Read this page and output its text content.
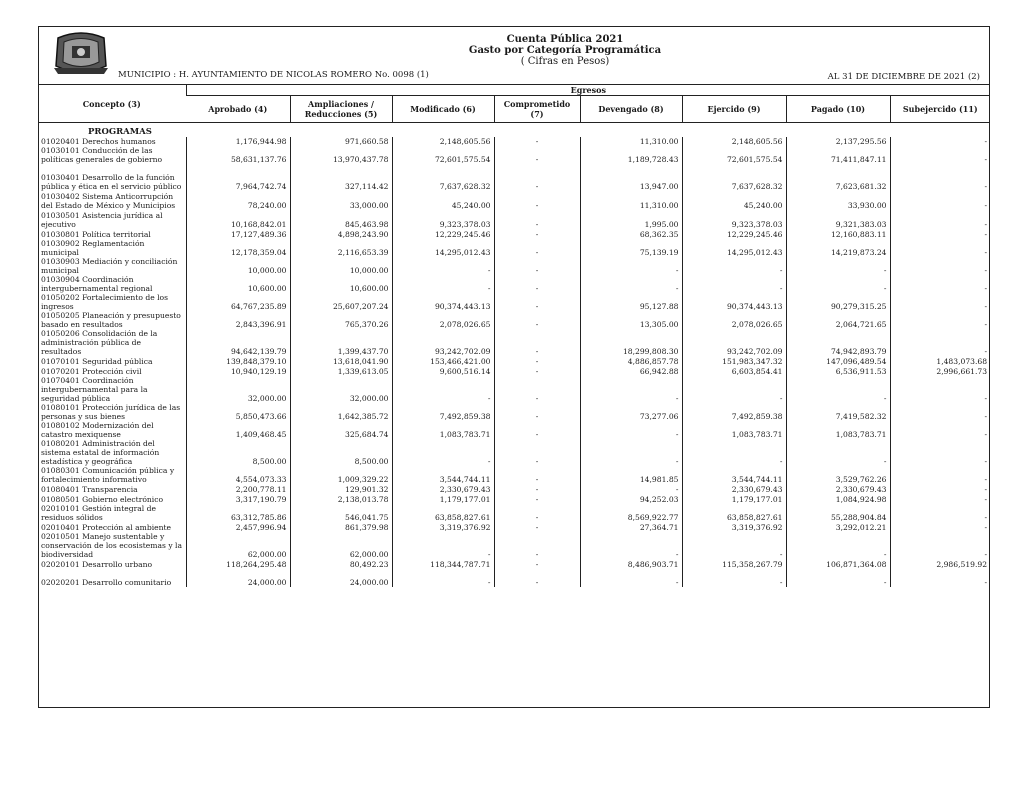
Cuenta Pública 2021
Gasto por Categoría Programática
( Cifras en Pesos)
MUNICIPIO : H. AYUNTAMIENTO DE NICOLAS ROMERO No. 0098 (1)	AL 31 DE DICIEMBRE DE 2021 (2)
Concepto (3)	Egresos							
	Aprobado (4)	Ampliaciones / Reducciones (5)	Modificado (6)	Comprometido (7)	Devengado (8)	Ejercido (9)	Pagado (10)	Subejercido (11)
PROGRAMAS								
01020401 Derechos humanos	1,176,944.98	971,660.58	2,148,605.56	-	11,310.00	2,148,605.56	2,137,295.56	-
01030101 Conducción de las políticas generales de gobierno	58,631,137.76	13,970,437.78	72,601,575.54	-	1,189,728.43	72,601,575.54	71,411,847.11	-
01030401 Desarrollo de la función pública y ética en el servicio público	7,964,742.74	327,114.42	7,637,628.32	-	13,947.00	7,637,628.32	7,623,681.32	-
01030402 Sistema Anticorrupción del Estado de México y Municipios	78,240.00	33,000.00	45,240.00	-	11,310.00	45,240.00	33,930.00	-
01030501 Asistencia jurídica al ejecutivo	10,168,842.01	845,463.98	9,323,378.03	-	1,995.00	9,323,378.03	9,321,383.03	-
01030801 Política territorial	17,127,489.36	4,898,243.90	12,229,245.46	-	68,362.35	12,229,245.46	12,160,883.11	-
01030902 Reglamentación municipal	12,178,359.04	2,116,653.39	14,295,012.43	-	75,139.19	14,295,012.43	14,219,873.24	-
01030903 Mediación y conciliación municipal	10,000.00	10,000.00	-	-	-	-	-	-
01030904 Coordinación intergubernamental regional	10,600.00	10,600.00	-	-	-	-	-	-
01050202 Fortalecimiento de los ingresos	64,767,235.89	25,607,207.24	90,374,443.13	-	95,127.88	90,374,443.13	90,279,315.25	-
01050205 Planeación y presupuesto basado en resultados	2,843,396.91	765,370.26	2,078,026.65	-	13,305.00	2,078,026.65	2,064,721.65	-
01050206 Consolidación de la administración pública de resultados	94,642,139.79	1,399,437.70	93,242,702.09	-	18,299,808.30	93,242,702.09	74,942,893.79	-
01070101 Seguridad pública	139,848,379.10	13,618,041.90	153,466,421.00	-	4,886,857.78	151,983,347.32	147,096,489.54	1,483,073.68
01070201 Protección civil	10,940,129.19	1,339,613.05	9,600,516.14	-	66,942.88	6,603,854.41	6,536,911.53	2,996,661.73
01070401 Coordinación intergubernamental para la seguridad pública	32,000.00	32,000.00	-	-	-	-	-	-
01080101 Protección jurídica de las personas y sus bienes	5,850,473.66	1,642,385.72	7,492,859.38	-	73,277.06	7,492,859.38	7,419,582.32	-
01080102 Modernización del catastro mexiquense	1,409,468.45	325,684.74	1,083,783.71	-	-	1,083,783.71	1,083,783.71	-
01080201 Administración del sistema estatal de información estadística y geográfica	8,500.00	8,500.00	-	-	-	-	-	-
01080301 Comunicación pública y fortalecimiento informativo	4,554,073.33	1,009,329.22	3,544,744.11	-	14,981.85	3,544,744.11	3,529,762.26	-
01080401 Transparencia	2,200,778.11	129,901.32	2,330,679.43	-	-	2,330,679.43	2,330,679.43	-
01080501 Gobierno electrónico	3,317,190.79	2,138,013.78	1,179,177.01	-	94,252.03	1,179,177.01	1,084,924.98	-
02010101 Gestión integral de residuos sólidos	63,312,785.86	546,041.75	63,858,827.61	-	8,569,922.77	63,858,827.61	55,288,904.84	-
02010401 Protección al ambiente	2,457,996.94	861,379.98	3,319,376.92	-	27,364.71	3,319,376.92	3,292,012.21	-
02010501 Manejo sustentable y conservación de los ecosistemas y la biodiversidad	62,000.00	62,000.00	-	-	-	-	-	-
02020101 Desarrollo urbano	118,264,295.48	80,492.23	118,344,787.71	-	8,486,903.71	115,358,267.79	106,871,364.08	2,986,519.92
02020201 Desarrollo comunitario	24,000.00	24,000.00	-	-	-	-	-	-
